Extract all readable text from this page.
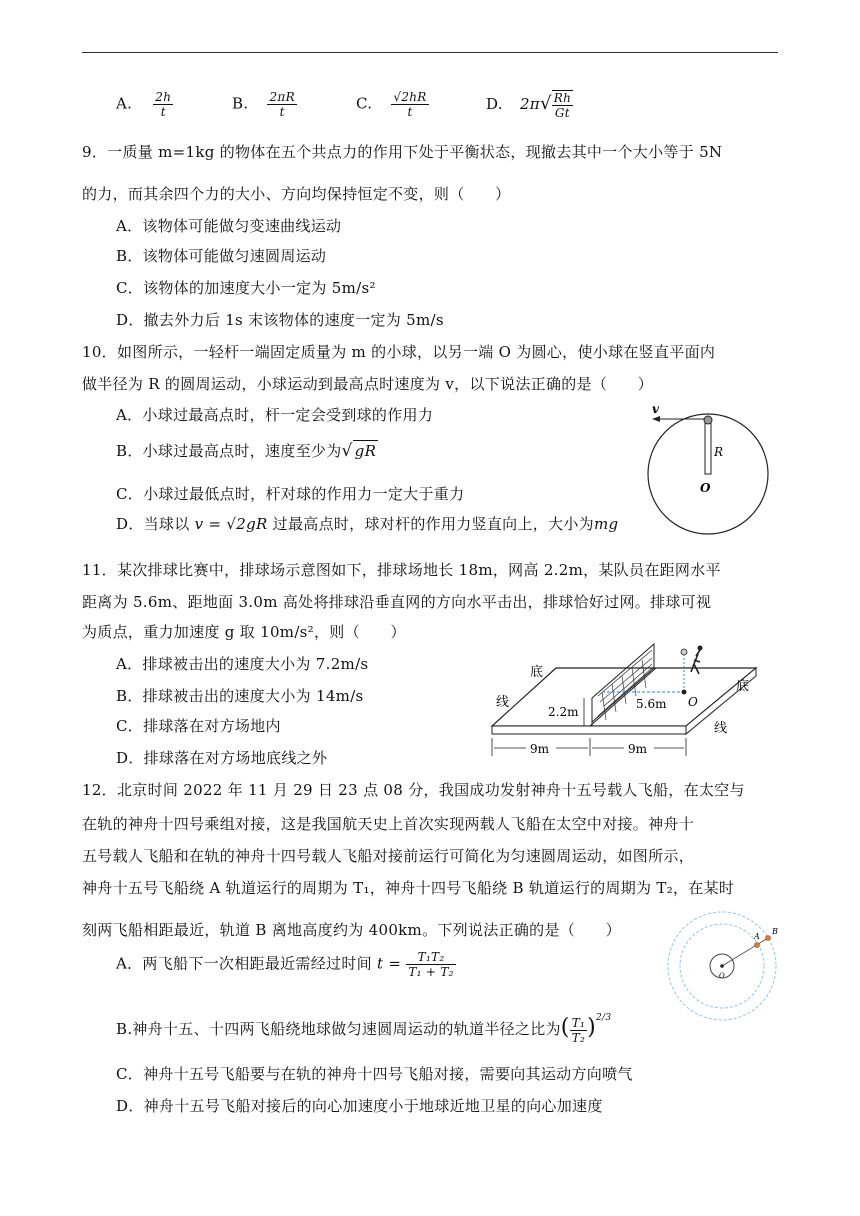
A. $\frac{2h}{t}$	B. $\frac{2\pi R}{t}$	C. $\frac{√2hR}{t}$	D. $2\pi√ \frac{Rh}{Gt}$
9．一质量 m=1kg 的物体在五个共点力的作用下处于平衡状态，现撤去其中一个大小等于 5N
的力，而其余四个力的大小、方向均保持恒定不变，则（　　）
A．该物体可能做匀变速曲线运动
B．该物体可能做匀速圆周运动
C．该物体的加速度大小一定为 5m/s²
D．撤去外力后 1s 末该物体的速度一定为 5m/s
10．如图所示，一轻杆一端固定质量为 m 的小球，以另一端 O 为圆心，使小球在竖直平面内
做半径为 R 的圆周运动，小球运动到最高点时速度为 v，以下说法正确的是（　　）
A．小球过最高点时，杆一定会受到球的作用力
B．小球过最高点时，速度至少为√ gR
C．小球过最低点时，杆对球的作用力一定大于重力
D．当球以 v = √2gR 过最高点时，球对杆的作用力竖直向上，大小为mg
v
R
O
11．某次排球比赛中，排球场示意图如下，排球场地长 18m，网高 2.2m，某队员在距网水平
距离为 5.6m、距地面 3.0m 高处将排球沿垂直网的方向水平击出，排球恰好过网。排球可视
为质点，重力加速度 g 取 10m/s²，则（　　）
A．排球被击出的速度大小为 7.2m/s
B．排球被击出的速度大小为 14m/s
C．排球落在对方场地内
D．排球落在对方场地底线之外
底
线
底
线
2.2m
5.6m O
9m	9m
12．北京时间 2022 年 11 月 29 日 23 点 08 分，我国成功发射神舟十五号载人飞船，在太空与
在轨的神舟十四号乘组对接，这是我国航天史上首次实现两载人飞船在太空中对接。神舟十
五号载人飞船和在轨的神舟十四号载人飞船对接前运行可简化为匀速圆周运动，如图所示，
神舟十五号飞船绕 A 轨道运行的周期为 T₁，神舟十四号飞船绕 B 轨道运行的周期为 T₂，在某时
刻两飞船相距最近，轨道 B 离地高度约为 400km。下列说法正确的是（　　）
A．两飞船下一次相距最近需经过时间 $t = \frac{\text{T₁T₂}}{\text{T₁ + T₂}}$
B.神舟十五、十四两飞船绕地球做匀速圆周运动的轨道半径之比为( $\frac{\text{T₁}}{\text{T₂}} )^{2/3}$
C．神舟十五号飞船要与在轨的神舟十四号飞船对接，需要向其运动方向喷气
D．神舟十五号飞船对接后的向心加速度小于地球近地卫星的向心加速度
A
B
O
